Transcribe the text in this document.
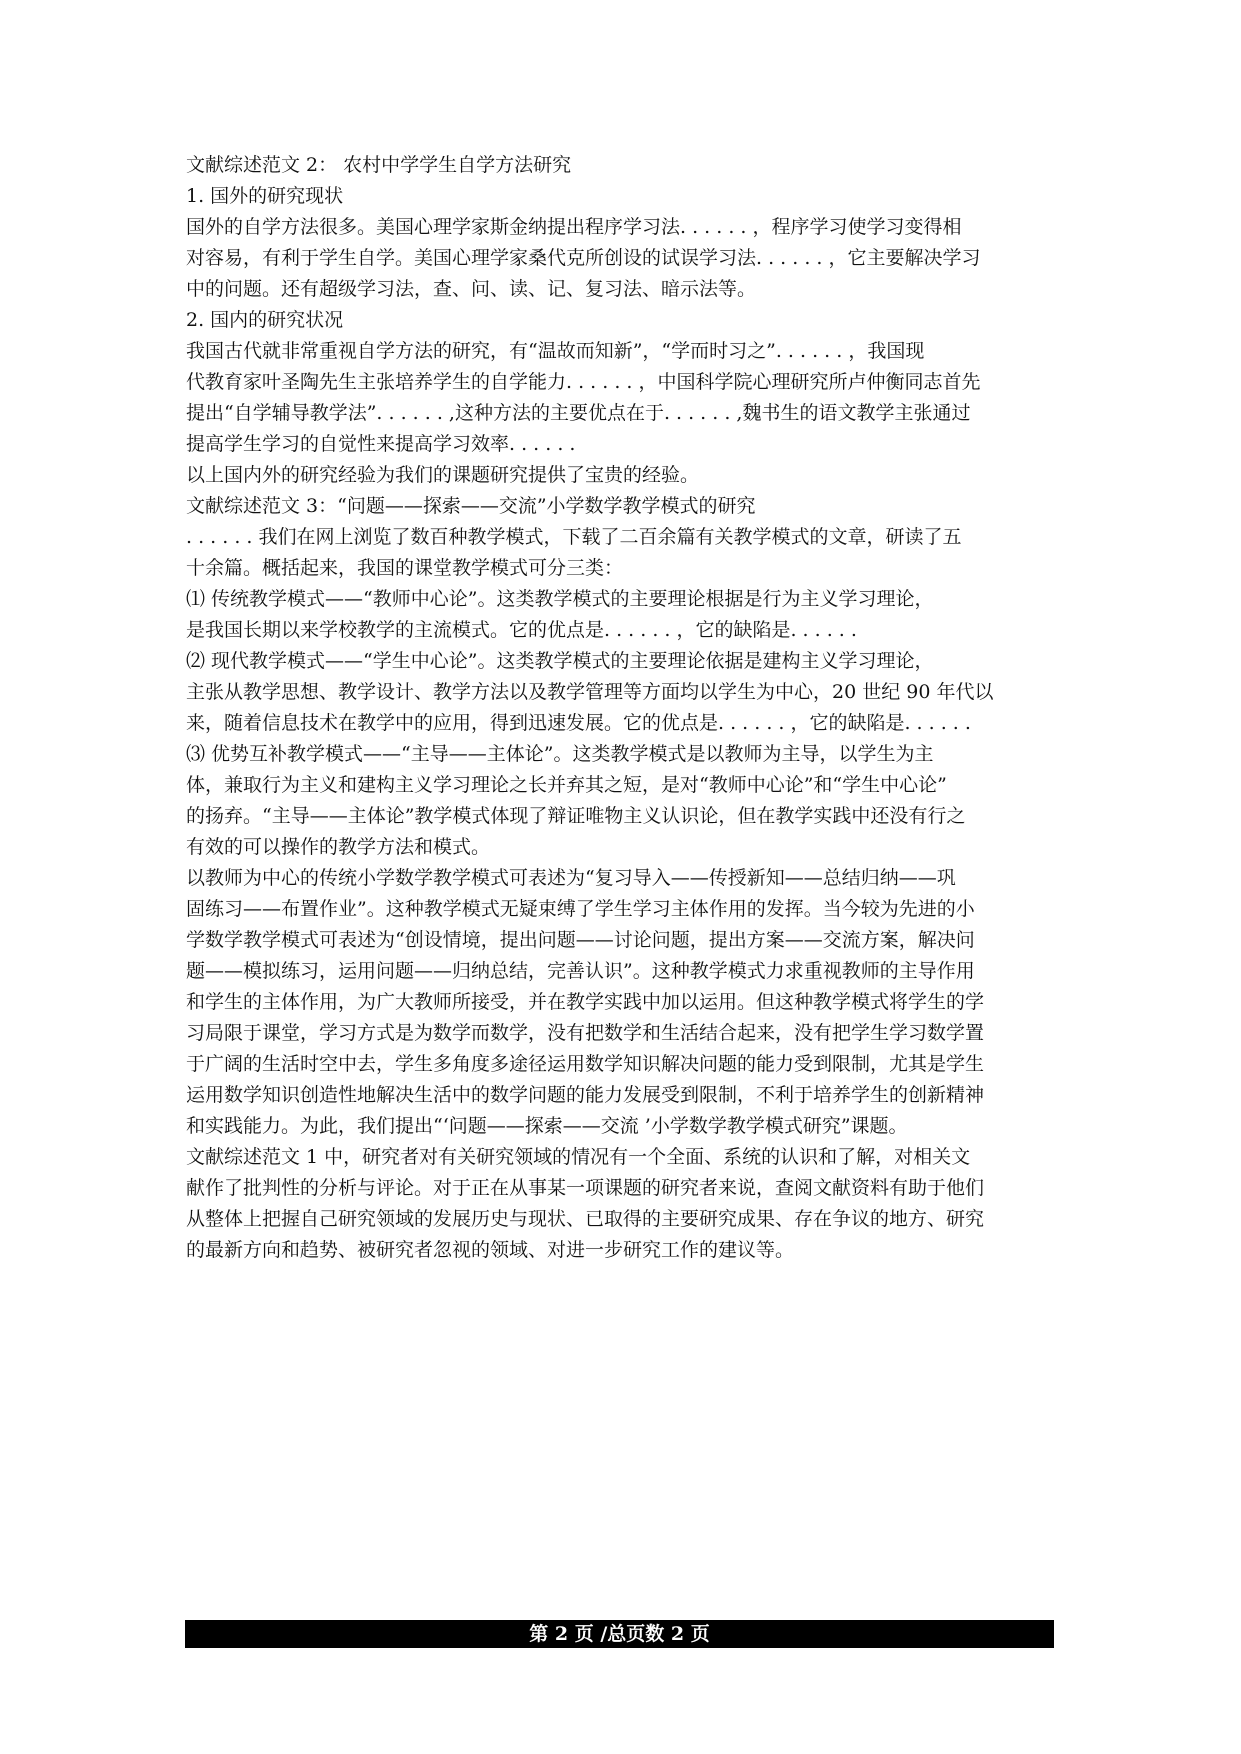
文献综述范文 2： 农村中学学生自学方法研究
1. 国外的研究现状
国外的自学方法很多。美国心理学家斯金纳提出程序学习法. . . . . . ，程序学习使学习变得相
对容易，有利于学生自学。美国心理学家桑代克所创设的试误学习法. . . . . . ，它主要解决学习
中的问题。还有超级学习法，查、问、读、记、复习法、暗示法等。
2. 国内的研究状况
我国古代就非常重视自学方法的研究，有“温故而知新”，“学而时习之”. . . . . . ，我国现
代教育家叶圣陶先生主张培养学生的自学能力. . . . . . ，中国科学院心理研究所卢仲衡同志首先
提出“自学辅导教学法”. . . . . . ,这种方法的主要优点在于. . . . . . ,魏书生的语文教学主张通过
提高学生学习的自觉性来提高学习效率. . . . . .
以上国内外的研究经验为我们的课题研究提供了宝贵的经验。
文献综述范文 3：“问题——探索——交流”小学数学教学模式的研究
. . . . . . 我们在网上浏览了数百种教学模式，下载了二百余篇有关教学模式的文章，研读了五
十余篇。概括起来，我国的课堂教学模式可分三类：
⑴ 传统教学模式——“教师中心论”。这类教学模式的主要理论根据是行为主义学习理论，
是我国长期以来学校教学的主流模式。它的优点是. . . . . . ，它的缺陷是. . . . . .
⑵ 现代教学模式——“学生中心论”。这类教学模式的主要理论依据是建构主义学习理论，
主张从教学思想、教学设计、教学方法以及教学管理等方面均以学生为中心，20 世纪 90 年代以
来，随着信息技术在教学中的应用，得到迅速发展。它的优点是. . . . . . ，它的缺陷是. . . . . .
⑶ 优势互补教学模式——“主导——主体论”。这类教学模式是以教师为主导，以学生为主
体，兼取行为主义和建构主义学习理论之长并弃其之短，是对“教师中心论”和“学生中心论”
的扬弃。“主导——主体论”教学模式体现了辩证唯物主义认识论，但在教学实践中还没有行之
有效的可以操作的教学方法和模式。
以教师为中心的传统小学数学教学模式可表述为“复习导入——传授新知——总结归纳——巩
固练习——布置作业”。这种教学模式无疑束缚了学生学习主体作用的发挥。当今较为先进的小
学数学教学模式可表述为“创设情境，提出问题——讨论问题，提出方案——交流方案，解决问
题——模拟练习，运用问题——归纳总结，完善认识”。这种教学模式力求重视教师的主导作用
和学生的主体作用，为广大教师所接受，并在教学实践中加以运用。但这种教学模式将学生的学
习局限于课堂，学习方式是为数学而数学，没有把数学和生活结合起来，没有把学生学习数学置
于广阔的生活时空中去，学生多角度多途径运用数学知识解决问题的能力受到限制，尤其是学生
运用数学知识创造性地解决生活中的数学问题的能力发展受到限制，不利于培养学生的创新精神
和实践能力。为此，我们提出“‘问题——探索——交流 ’小学数学教学模式研究”课题。
文献综述范文 1 中，研究者对有关研究领域的情况有一个全面、系统的认识和了解，对相关文
献作了批判性的分析与评论。对于正在从事某一项课题的研究者来说，查阅文献资料有助于他们
从整体上把握自己研究领域的发展历史与现状、已取得的主要研究成果、存在争议的地方、研究
的最新方向和趋势、被研究者忽视的领域、对进一步研究工作的建议等。
第 2 页 /总页数 2 页
